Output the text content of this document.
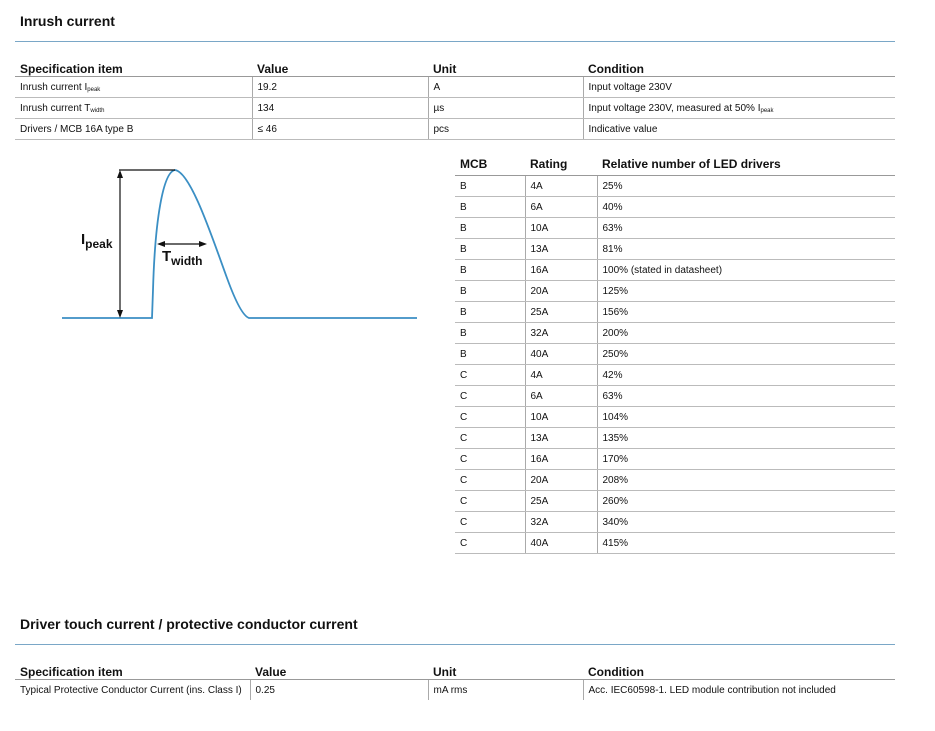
Inrush current
Specification item	Value	Unit	Condition
Inrush current $I_{peak}$	19.2	A	Input voltage 230V
Inrush current $T_{width}$	134	µs	Input voltage 230V, measured at 50% $I_{peak}$
Drivers / MCB 16A type B	≤ 46	pcs	Indicative value
$I_{peak}$
$T_{width}$
MCB	Rating	Relative number of LED drivers
B	4A	25%
B	6A	40%
B	10A	63%
B	13A	81%
B	16A	100% (stated in datasheet)
B	20A	125%
B	25A	156%
B	32A	200%
B	40A	250%
C	4A	42%
C	6A	63%
C	10A	104%
C	13A	135%
C	16A	170%
C	20A	208%
C	25A	260%
C	32A	340%
C	40A	415%
Driver touch current / protective conductor current
Specification item	Value	Unit	Condition
Typical Protective Conductor Current (ins. Class I)	0.25	mA rms	Acc. IEC60598-1. LED module contribution not included
